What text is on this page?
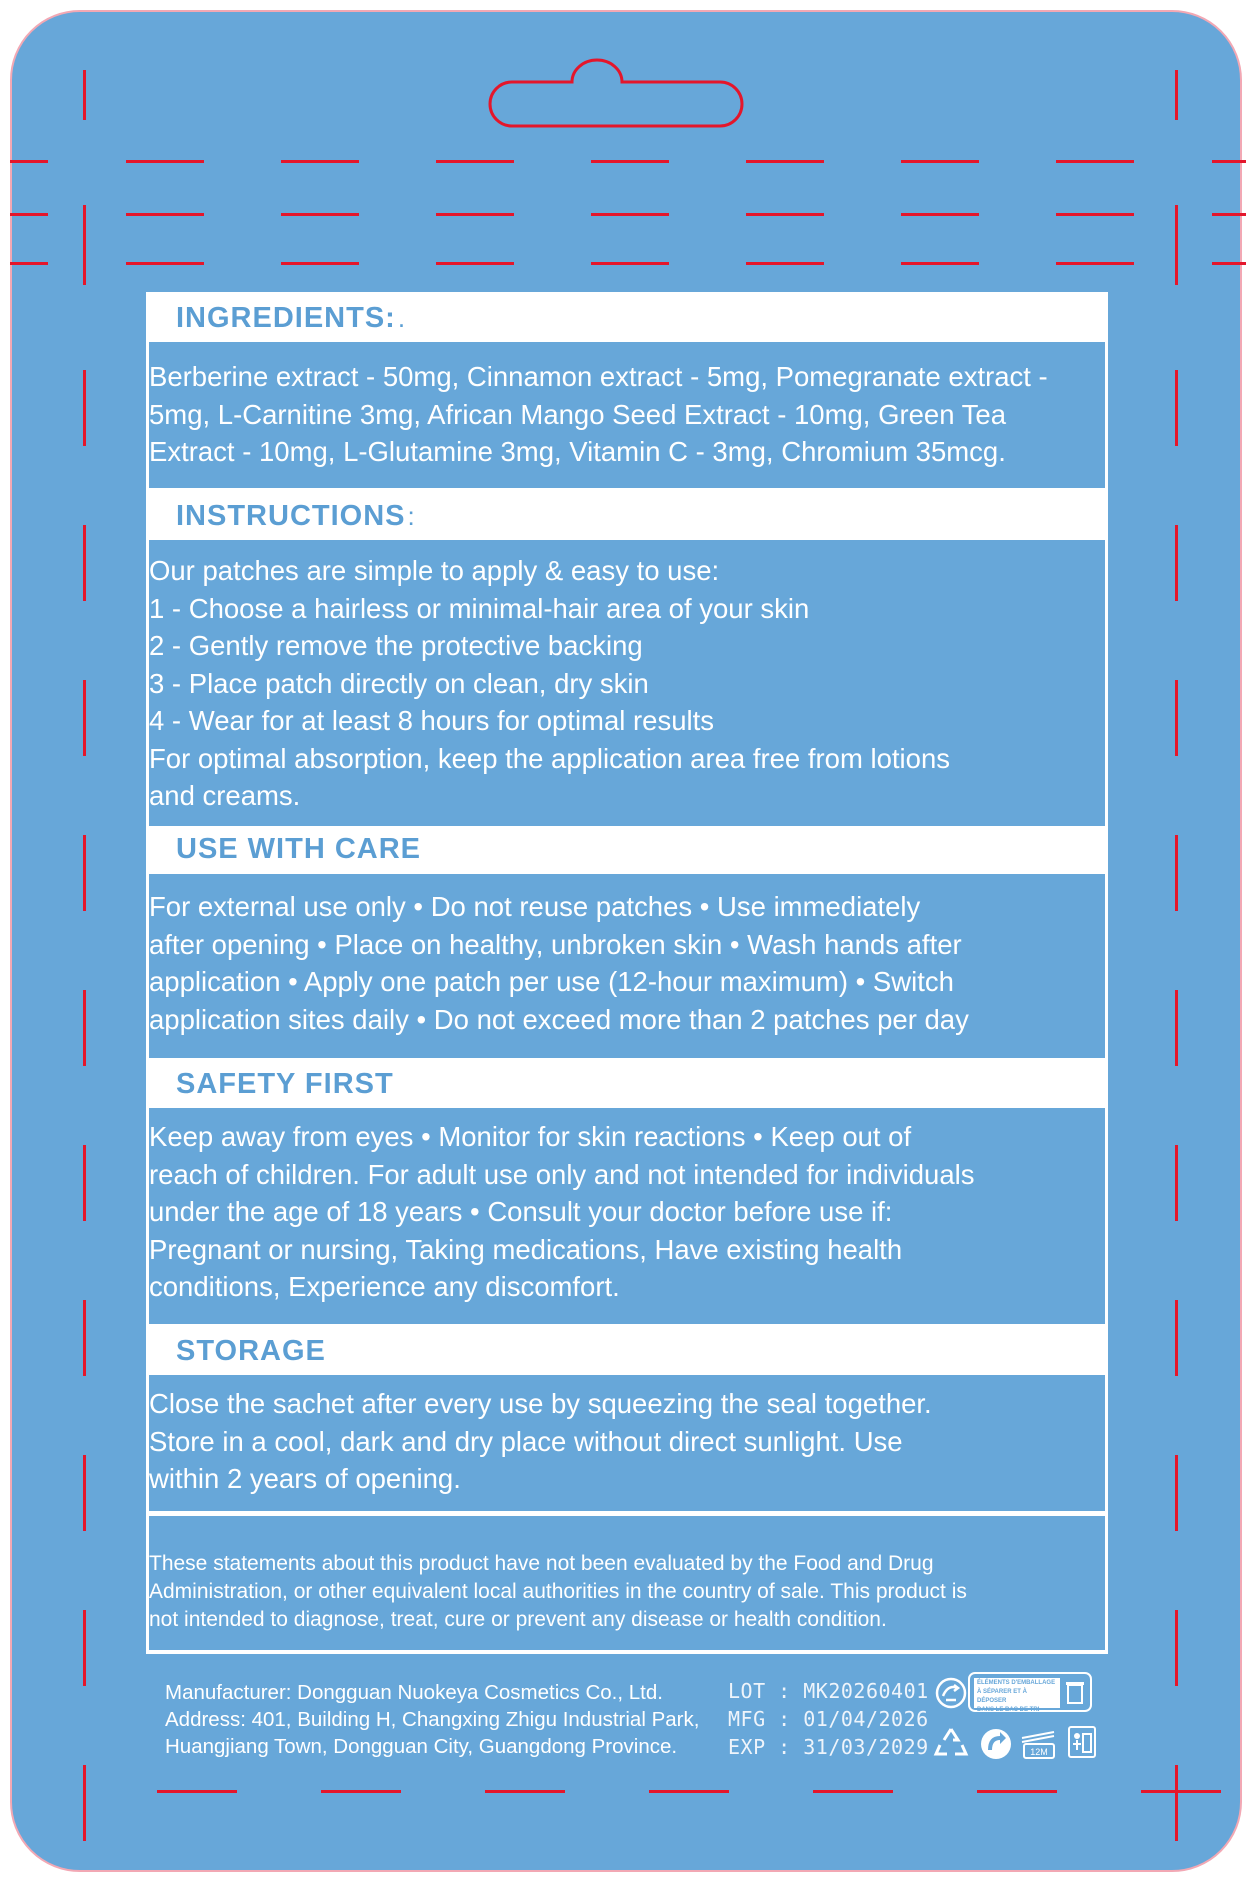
INGREDIENTS:.

Berberine extract - 50mg, Cinnamon extract - 5mg, Pomegranate extract -
5mg, L-Carnitine 3mg, African Mango Seed Extract - 10mg, Green Tea
Extract - 10mg, L-Glutamine 3mg, Vitamin C - 3mg, Chromium 35mcg.

INSTRUCTIONS:

Our patches are simple to apply & easy to use:
1 - Choose a hairless or minimal-hair area of your skin
2 - Gently remove the protective backing
3 - Place patch directly on clean, dry skin
4 - Wear for at least 8 hours for optimal results
For optimal absorption, keep the application area free from lotions
and creams.

USE WITH CARE

For external use only • Do not reuse patches • Use immediately
after opening • Place on healthy, unbroken skin • Wash hands after
application • Apply one patch per use (12-hour maximum) • Switch
application sites daily • Do not exceed more than 2 patches per day

SAFETY FIRST

Keep away from eyes • Monitor for skin reactions • Keep out of
reach of children. For adult use only and not intended for individuals
under the age of 18 years • Consult your doctor before use if:
Pregnant or nursing, Taking medications, Have existing health
conditions, Experience any discomfort.

STORAGE

Close the sachet after every use by squeezing the seal together.
Store in a cool, dark and dry place without direct sunlight. Use
within 2 years of opening.

These statements about this product have not been evaluated by the Food and Drug
Administration, or other equivalent local authorities in the country of sale. This product is
not intended to diagnose, treat, cure or prevent any disease or health condition.

Manufacturer: Dongguan Nuokeya Cosmetics Co., Ltd.
Address: 401, Building H, Changxing Zhigu Industrial Park,
Huangjiang Town, Dongguan City, Guangdong Province.
LOT : MK20260401
MFG : 01/04/2026
EXP : 31/03/2029
ÉLÉMENTS D'EMBALLAGE
À SÉPARER ET À DÉPOSER
DANS LE BAC DE TRI
12M
